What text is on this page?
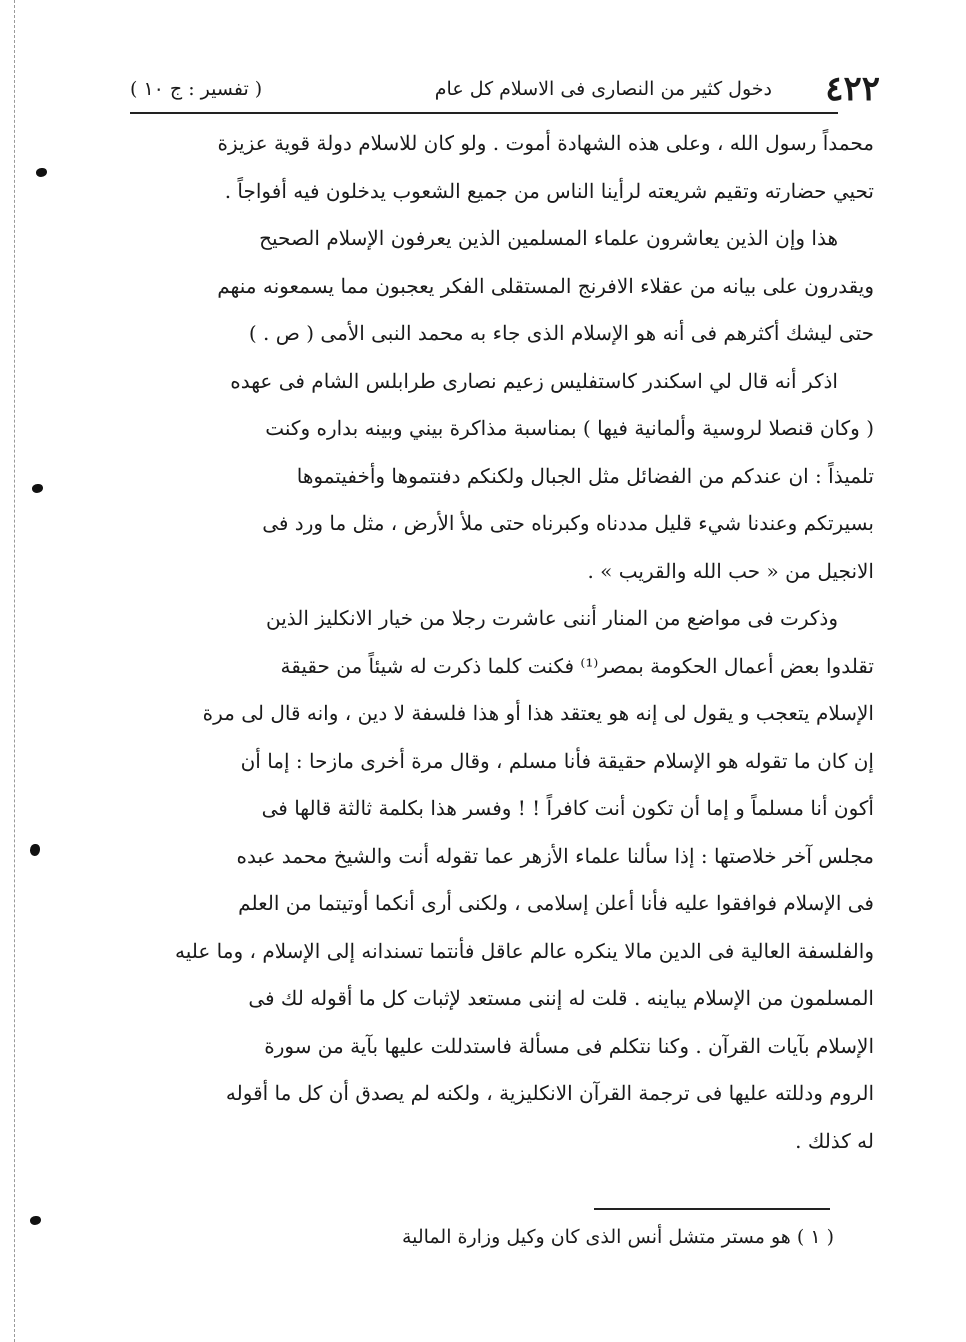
٤٢٢
دخول كثير من النصارى فى الاسلام كل عام
( تفسير : ج ١٠ )

محمداً رسول الله ، وعلى هذه الشهادة أموت . ولو كان للاسلام دولة قوية عزيزة

تحيي حضارته وتقيم شريعته لرأينا الناس من جميع الشعوب يدخلون فيه أفواجاً .

هذا وإن الذين يعاشرون علماء المسلمين الذين يعرفون الإسلام الصحيح

ويقدرون على بيانه من عقلاء الافرنج المستقلى الفكر يعجبون مما يسمعونه منهم

حتى ليشك أكثرهم فى أنه هو الإسلام الذى جاء به محمد النبى الأمى ( ص . )

اذكر أنه قال لي اسكندر كاستفليس زعيم نصارى طرابلس الشام فى عهده

( وكان قنصلا لروسية وألمانية فيها ) بمناسبة مذاكرة بيني وبينه بداره وكنت

تلميذاً : ان عندكم من الفضائل مثل الجبال ولكنكم دفنتموها وأخفيتموها

بسيرتكم وعندنا شيء قليل مددناه وكبرناه حتى ملأ الأرض ، مثل ما ورد فى

الانجيل من « حب الله والقريب » .

وذكرت فى مواضع من المنار أننى عاشرت رجلا من خيار الانكليز الذين

تقلدوا بعض أعمال الحكومة بمصر⁽¹⁾ فكنت كلما ذكرت له شيئاً من حقيقة

الإسلام يتعجب و يقول لى إنه هو يعتقد هذا أو هذا فلسفة لا دين ، وانه قال لى مرة

إن كان ما تقوله هو الإسلام حقيقة فأنا مسلم ، وقال مرة أخرى مازحا : إما أن

أكون أنا مسلماً و إما أن تكون أنت كافراً ! ! وفسر هذا بكلمة ثالثة قالها فى

مجلس آخر خلاصتها : إذا سألنا علماء الأزهر عما تقوله أنت والشيخ محمد عبده

فى الإسلام فوافقوا عليه فأنا أعلن إسلامى ، ولكنى أرى أنكما أوتيتما من العلم

والفلسفة العالية فى الدين مالا ينكره عالم عاقل فأنتما تسندانه إلى الإسلام ، وما عليه

المسلمون من الإسلام يباينه . قلت له إننى مستعد لإثبات كل ما أقوله لك فى

الإسلام بآيات القرآن . وكنا نتكلم فى مسألة فاستدللت عليها بآية من سورة

الروم ودللته عليها فى ترجمة القرآن الانكليزية ، ولكنه لم يصدق أن كل ما أقوله

له كذلك .

( ١ ) هو مستر متشل أنس الذى كان وكيل وزارة المالية
